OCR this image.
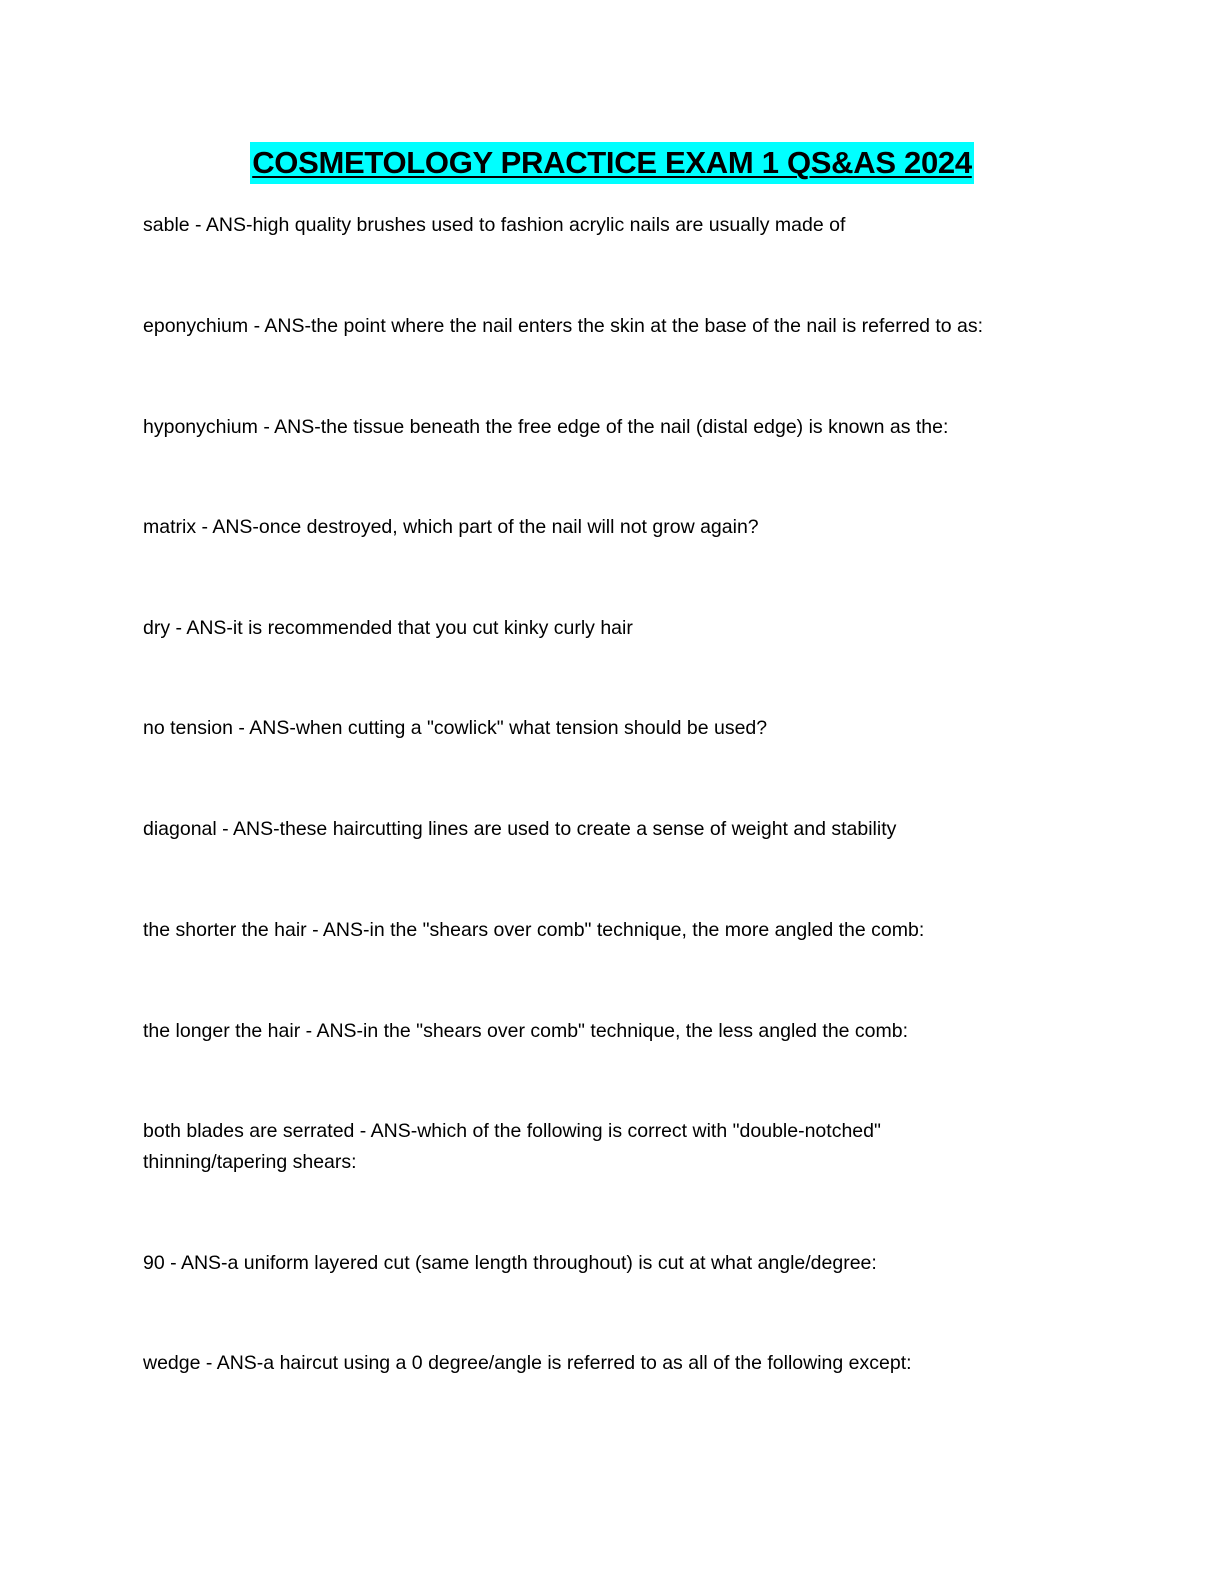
COSMETOLOGY PRACTICE EXAM 1 QS&AS 2024

sable - ANS-high quality brushes used to fashion acrylic nails are usually made of

eponychium - ANS-the point where the nail enters the skin at the base of the nail is referred to as:

hyponychium - ANS-the tissue beneath the free edge of the nail (distal edge) is known as the:

matrix - ANS-once destroyed, which part of the nail will not grow again?

dry - ANS-it is recommended that you cut kinky curly hair

no tension - ANS-when cutting a "cowlick" what tension should be used?

diagonal - ANS-these haircutting lines are used to create a sense of weight and stability

the shorter the hair - ANS-in the "shears over comb" technique, the more angled the comb:

the longer the hair - ANS-in the "shears over comb" technique, the less angled the comb:

both blades are serrated - ANS-which of the following is correct with "double-notched" thinning/tapering shears:

90 - ANS-a uniform layered cut (same length throughout) is cut at what angle/degree:

wedge - ANS-a haircut using a 0 degree/angle is referred to as all of the following except:
